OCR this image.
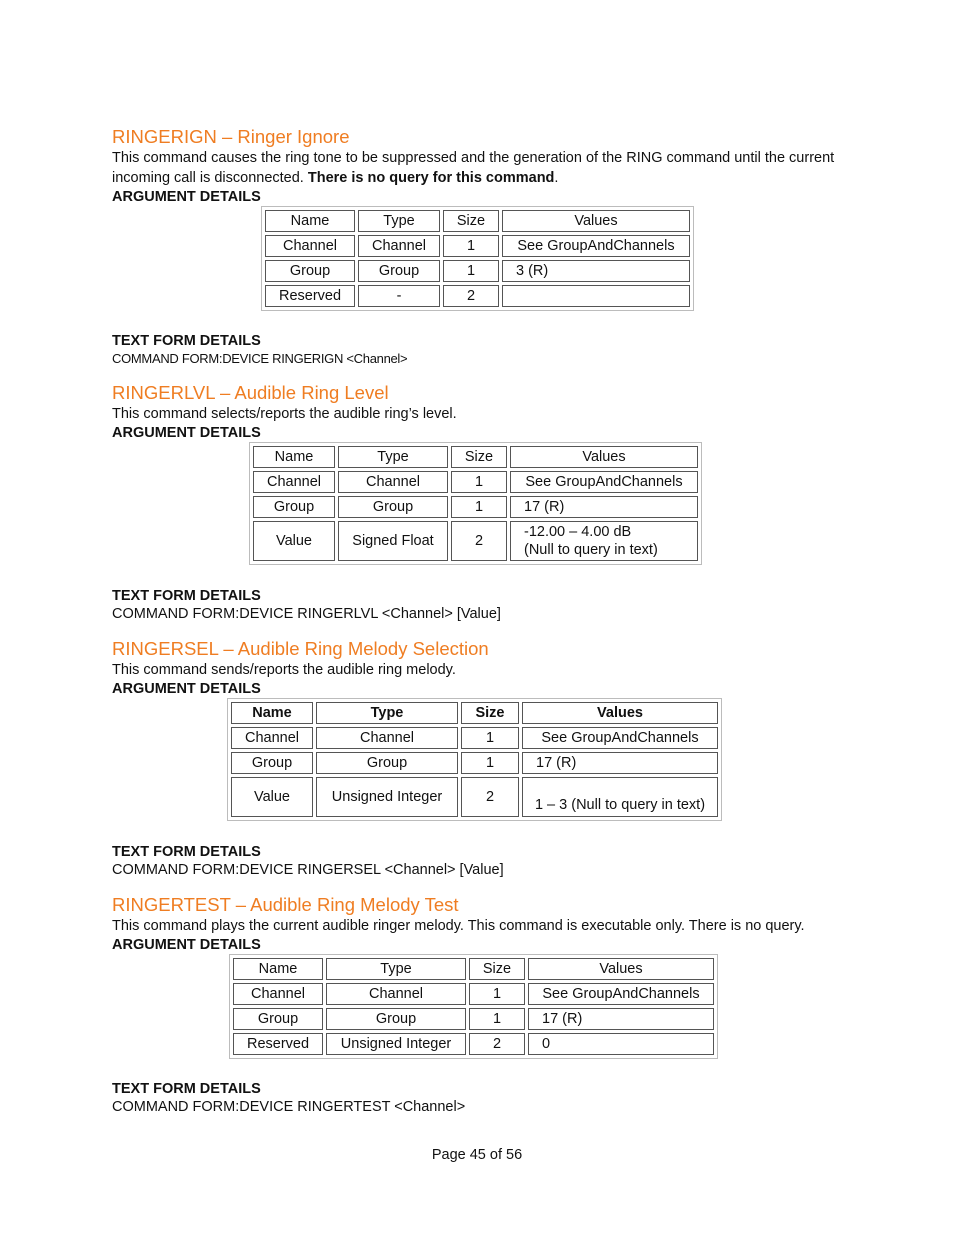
RINGERIGN – Ringer Ignore

This command causes the ring tone to be suppressed and the generation of the RING command until the current incoming call is disconnected. There is no query for this command.

ARGUMENT DETAILS
Name	Type	Size	Values
Channel	Channel	1	See GroupAndChannels
Group	Group	1	3 (R)
Reserved	-	2	
TEXT FORM DETAILS
COMMAND FORM:DEVICE RINGERIGN <Channel>
RINGERLVL – Audible Ring Level

This command selects/reports the audible ring’s level.

ARGUMENT DETAILS
Name	Type	Size	Values
Channel	Channel	1	See GroupAndChannels
Group	Group	1	17 (R)
Value	Signed Float	2	-12.00 – 4.00 dB
(Null to query in text)
TEXT FORM DETAILS
COMMAND FORM:DEVICE RINGERLVL <Channel> [Value]
RINGERSEL – Audible Ring Melody Selection

This command sends/reports the audible ring melody.

ARGUMENT DETAILS
Name	Type	Size	Values
Channel	Channel	1	See GroupAndChannels
Group	Group	1	17 (R)
Value	Unsigned Integer	2	1 – 3 (Null to query in text)
TEXT FORM DETAILS
COMMAND FORM:DEVICE RINGERSEL <Channel> [Value]
RINGERTEST – Audible Ring Melody Test

This command plays the current audible ringer melody. This command is executable only. There is no query.

ARGUMENT DETAILS
Name	Type	Size	Values
Channel	Channel	1	See GroupAndChannels
Group	Group	1	17 (R)
Reserved	Unsigned Integer	2	0
TEXT FORM DETAILS
COMMAND FORM:DEVICE RINGERTEST <Channel>
Page 45 of 56
